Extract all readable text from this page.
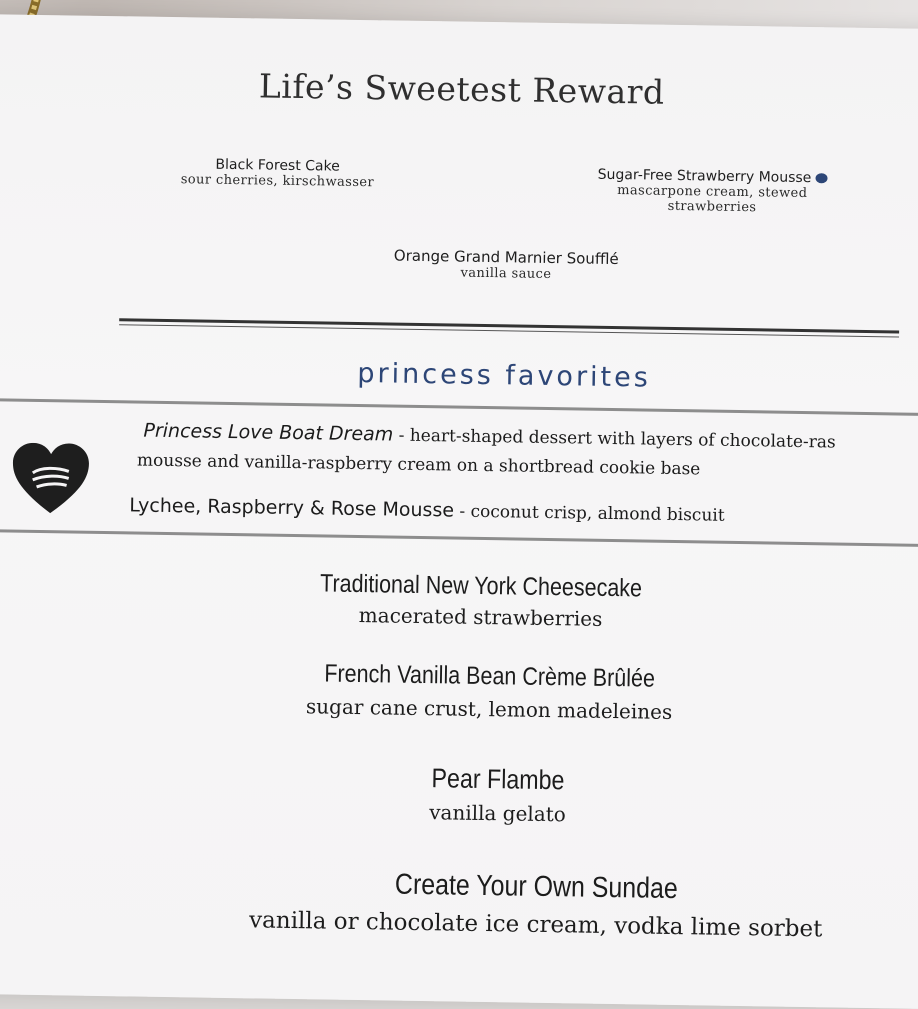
Life’s Sweetest Reward
Black Forest Cake
sour cherries, kirschwasser	Sugar-Free Strawberry Mousse
mascarpone cream, stewed
strawberries
Orange Grand Marnier Soufflé
vanilla sauce
princess favorites
Princess Love Boat Dream - heart-shaped dessert with layers of chocolate-ras
mousse and vanilla-raspberry cream on a shortbread cookie base
Lychee, Raspberry & Rose Mousse - coconut crisp, almond biscuit
Traditional New York Cheesecake
macerated strawberries
French Vanilla Bean Crème Brûlée
sugar cane crust, lemon madeleines
Pear Flambe
vanilla gelato
Create Your Own Sundae
vanilla or chocolate ice cream, vodka lime sorbet
